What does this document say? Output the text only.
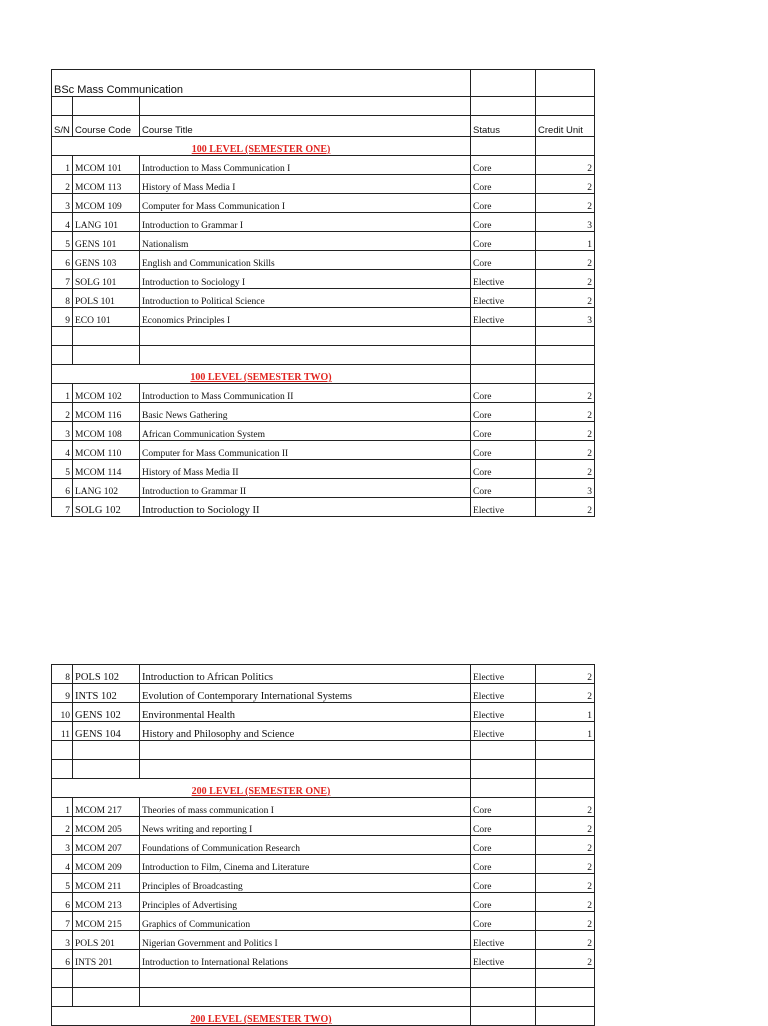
BSc Mass Communication				

S/N	Course Code	Course Title	Status	Credit Unit
100 LEVEL (SEMESTER ONE)				
1	MCOM 101	Introduction to Mass Communication I	Core	2
2	MCOM 113	History of Mass Media I	Core	2
3	MCOM 109	Computer for Mass Communication I	Core	2
4	LANG 101	Introduction to Grammar I	Core	3
5	GENS 101	Nationalism	Core	1
6	GENS 103	English and Communication Skills	Core	2
7	SOLG 101	Introduction to Sociology I	Elective	2
8	POLS 101	Introduction to Political Science	Elective	2
9	ECO 101	Economics Principles I	Elective	3

100 LEVEL (SEMESTER TWO)				
1	MCOM 102	Introduction to Mass Communication II	Core	2
2	MCOM 116	Basic News Gathering	Core	2
3	MCOM 108	African Communication System	Core	2
4	MCOM 110	Computer for Mass Communication II	Core	2
5	MCOM 114	History of Mass Media II	Core	2
6	LANG 102	Introduction to Grammar II	Core	3
7	SOLG 102	Introduction to Sociology II	Elective	2
8	POLS 102	Introduction to African Politics	Elective	2
9	INTS 102	Evolution of Contemporary International Systems	Elective	2
10	GENS 102	Environmental Health	Elective	1
11	GENS 104	History and Philosophy and Science	Elective	1

200 LEVEL (SEMESTER ONE)				
1	MCOM 217	Theories of mass communication I	Core	2
2	MCOM 205	News writing and reporting I	Core	2
3	MCOM 207	Foundations of Communication Research	Core	2
4	MCOM 209	Introduction to Film, Cinema and Literature	Core	2
5	MCOM 211	Principles of Broadcasting	Core	2
6	MCOM 213	Principles of Advertising	Core	2
7	MCOM 215	Graphics of Communication	Core	2
3	POLS 201	Nigerian Government and Politics I	Elective	2
6	INTS 201	Introduction to International Relations	Elective	2

200 LEVEL (SEMESTER TWO)				
